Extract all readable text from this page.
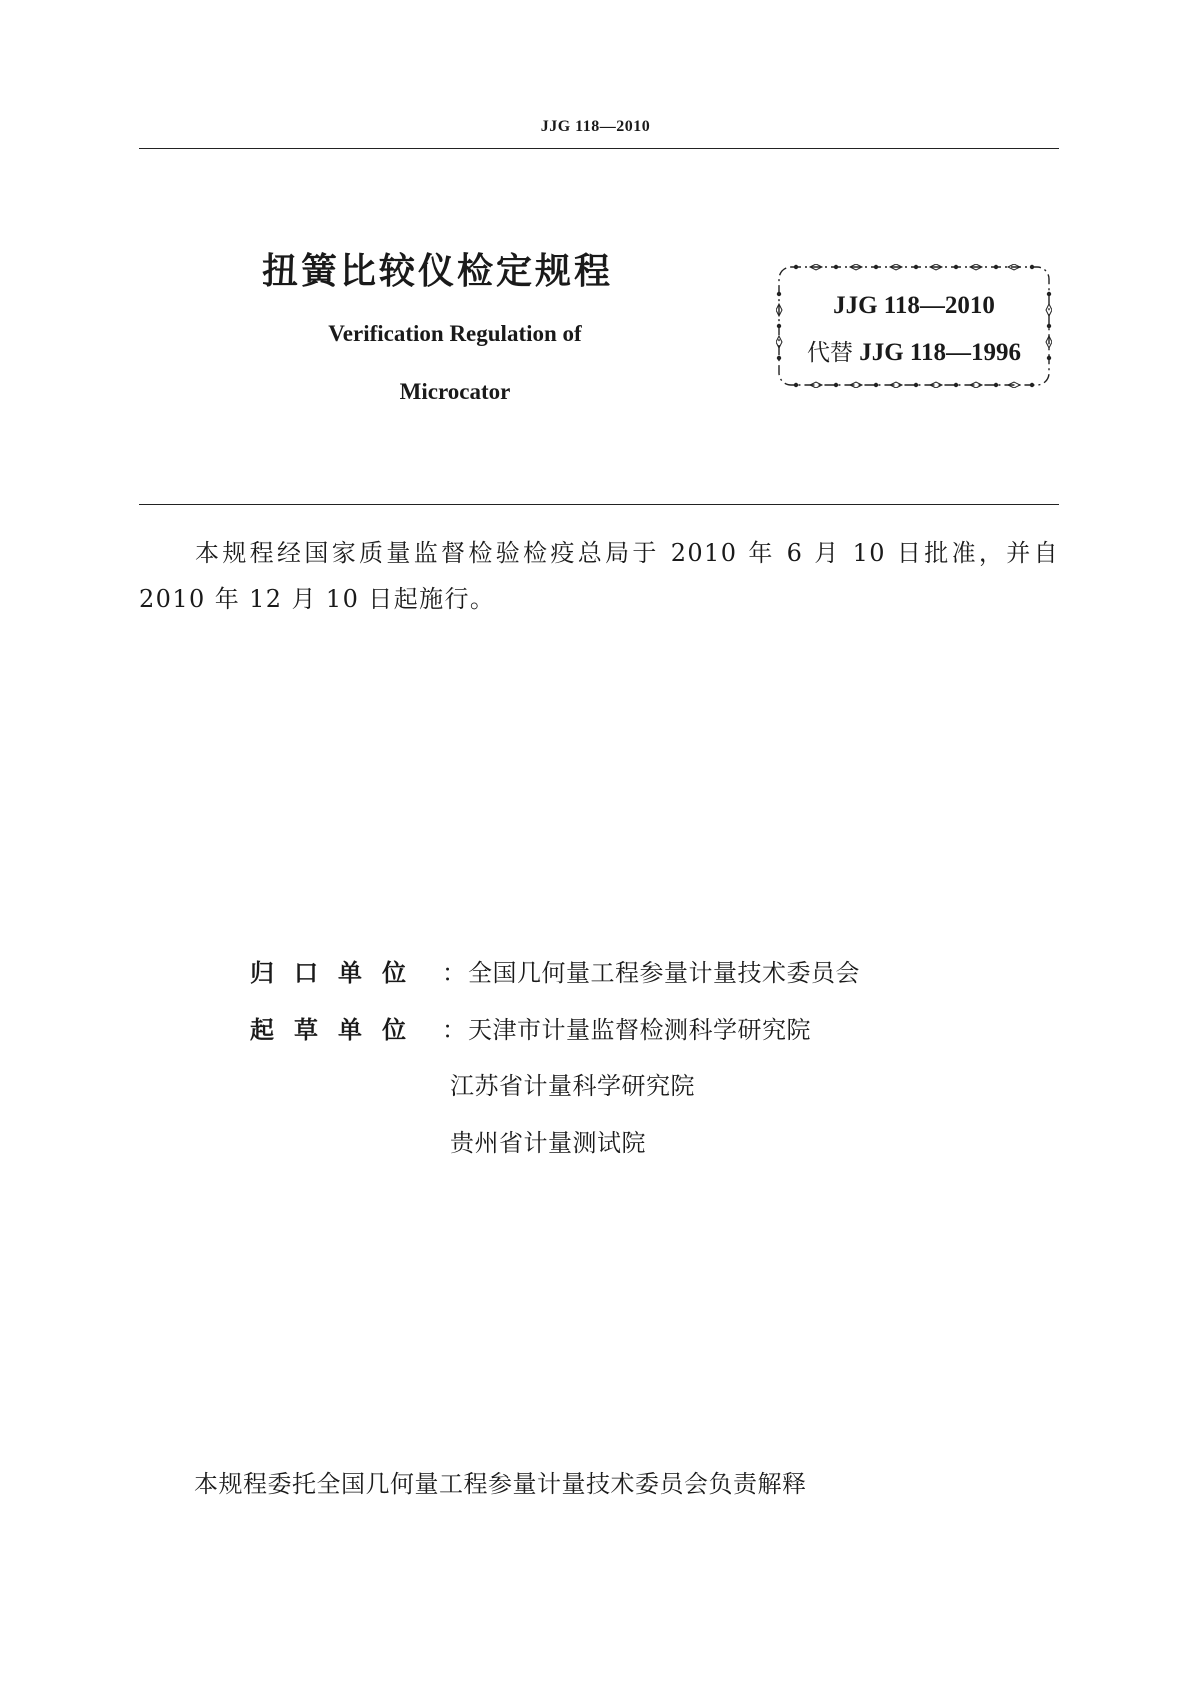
JJG 118—2010
扭簧比较仪检定规程
Verification Regulation of
Microcator
JJG 118—2010
代替 JJG 118—1996
本规程经国家质量监督检验检疫总局于 2010 年 6 月 10 日批准，并自 2010 年 12 月 10 日起施行。
归 口 单 位 ：全国几何量工程参量计量技术委员会
起 草 单 位 ：天津市计量监督检测科学研究院
江苏省计量科学研究院
贵州省计量测试院
本规程委托全国几何量工程参量计量技术委员会负责解释
